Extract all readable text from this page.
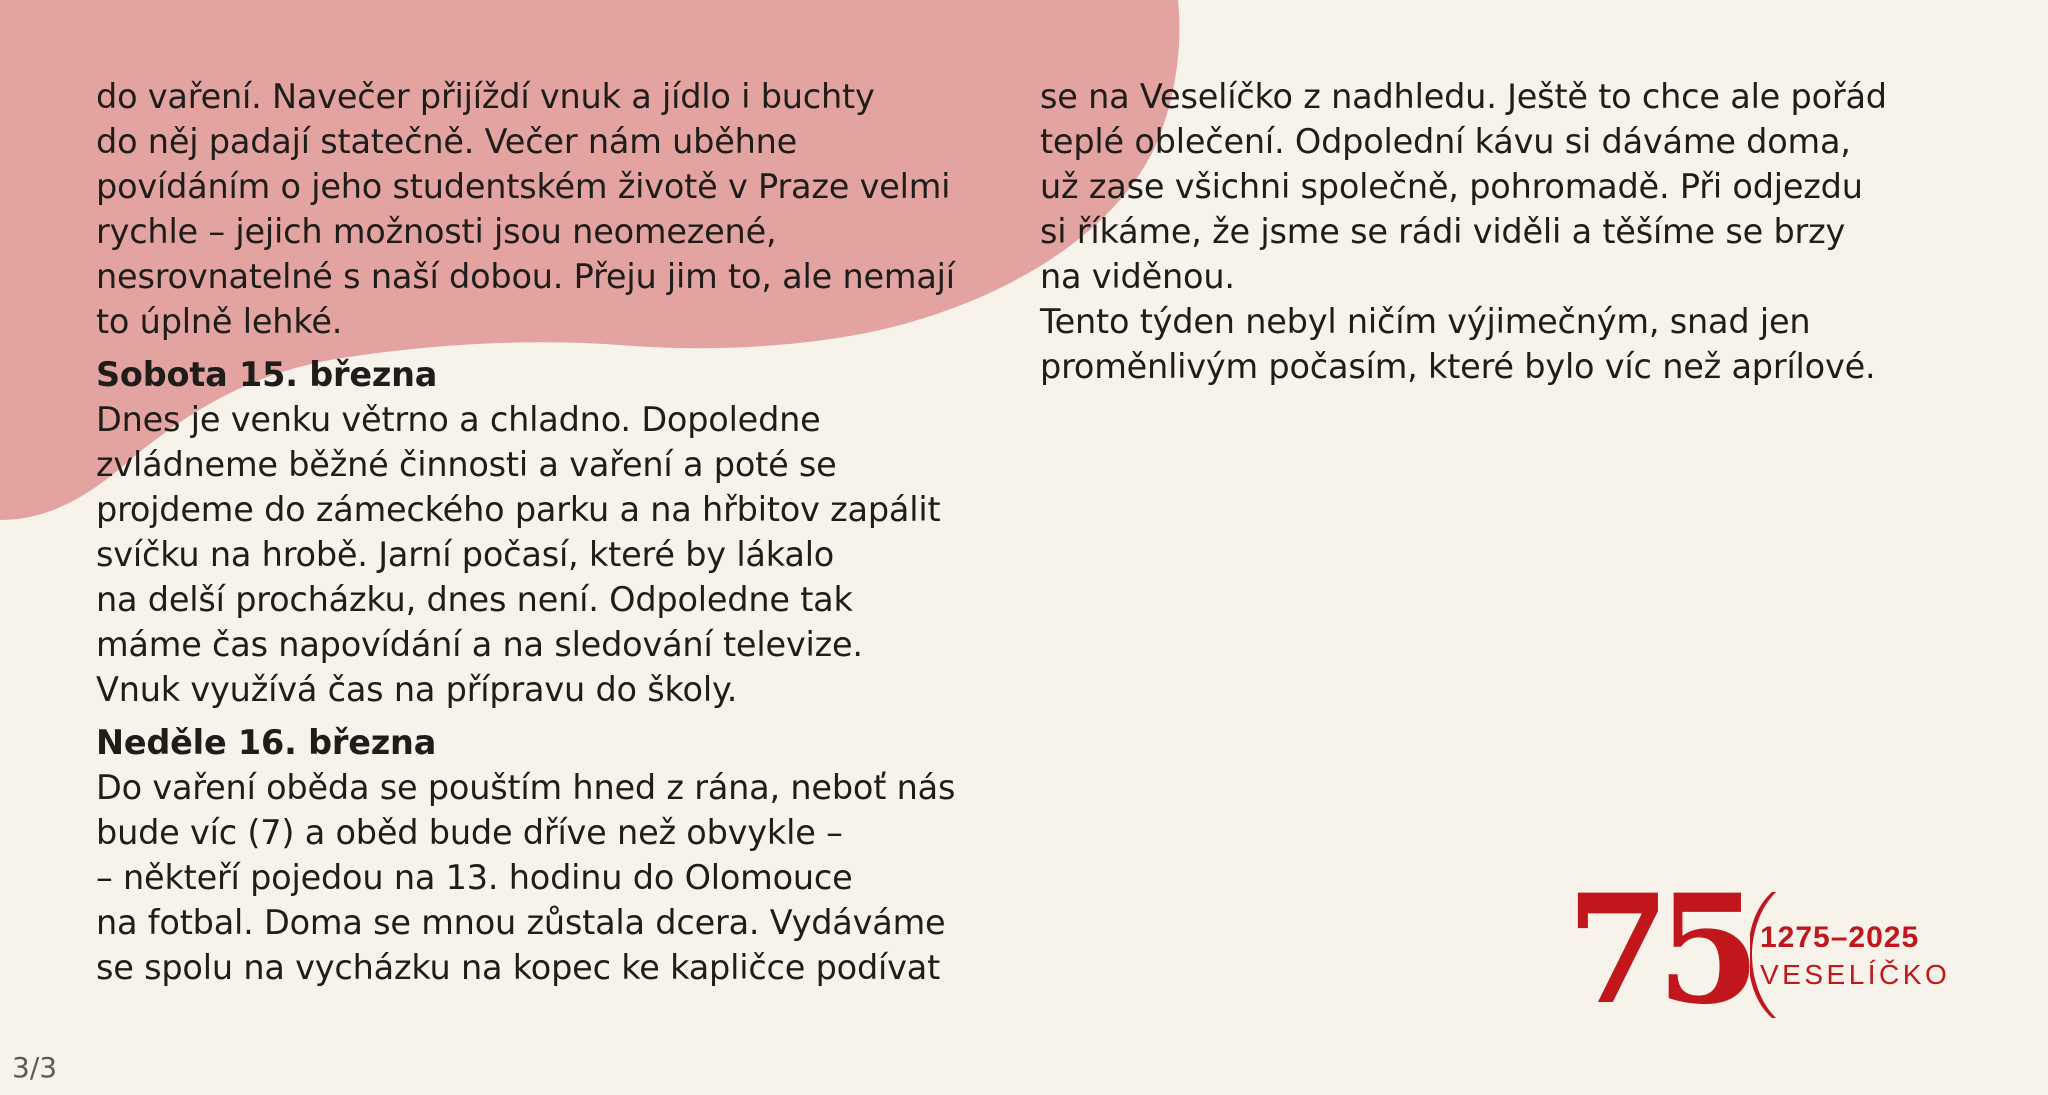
do vaření. Navečer přijíždí vnuk a jídlo i buchty
do něj padají statečně. Večer nám uběhne
povídáním o jeho studentském životě v Praze velmi
rychle – jejich možnosti jsou neomezené,
nesrovnatelné s naší dobou. Přeju jim to, ale nemají
to úplně lehké.

Sobota 15. března

Dnes je venku větrno a chladno. Dopoledne
zvládneme běžné činnosti a vaření a poté se
projdeme do zámeckého parku a na hřbitov zapálit
svíčku na hrobě. Jarní počasí, které by lákalo
na delší procházku, dnes není. Odpoledne tak
máme čas napovídání a na sledování televize.
Vnuk využívá čas na přípravu do školy.

Neděle 16. března

Do vaření oběda se pouštím hned z rána, neboť nás
bude víc (7) a oběd bude dříve než obvykle –
– někteří pojedou na 13. hodinu do Olomouce
na fotbal. Doma se mnou zůstala dcera. Vydáváme
se spolu na vycházku na kopec ke kapličce podívat

se na Veselíčko z nadhledu. Ještě to chce ale pořád
teplé oblečení. Odpolední kávu si dáváme doma,
už zase všichni společně, pohromadě. Při odjezdu
si říkáme, že jsme se rádi viděli a těšíme se brzy
na viděnou.

Tento týden nebyl ničím výjimečným, snad jen
proměnlivým počasím, které bylo víc než aprílové.

3/3
75 1275–2025
VESELÍČKO
